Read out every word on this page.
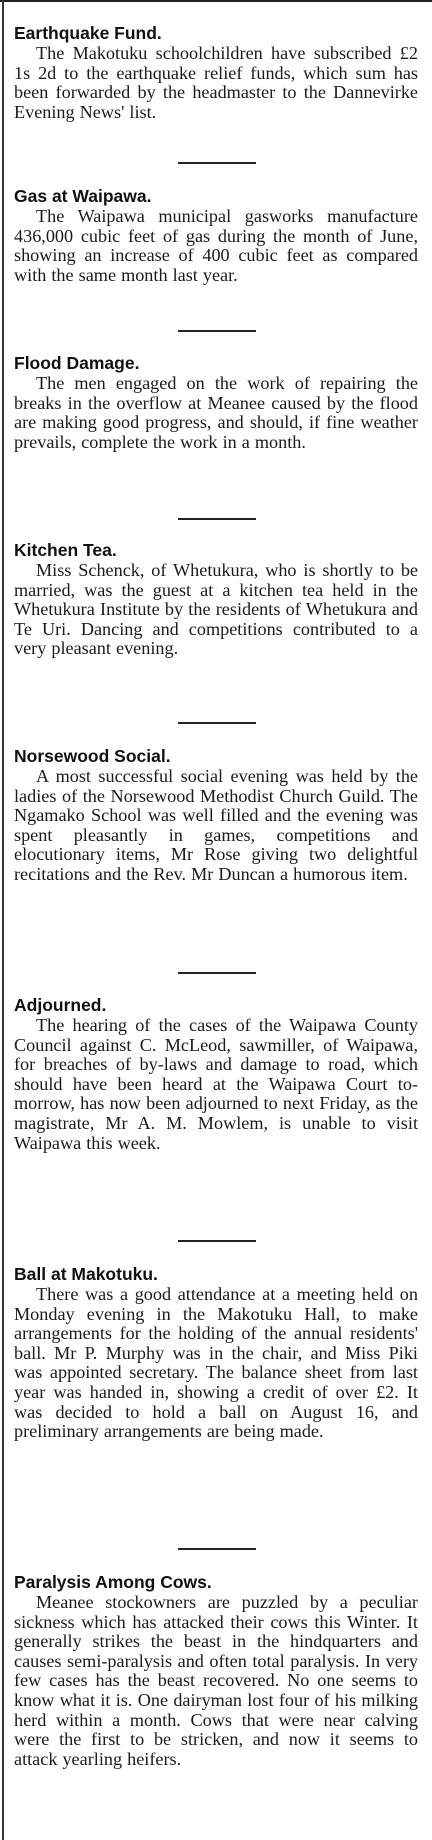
Earthquake Fund.

The Makotuku schoolchildren have subscribed £2 1s 2d to the earthquake relief funds, which sum has been forwarded by the headmaster to the Dannevirke Evening News' list.

Gas at Waipawa.

The Waipawa municipal gasworks manufacture 436,000 cubic feet of gas during the month of June, showing an increase of 400 cubic feet as compared with the same month last year.

Flood Damage.

The men engaged on the work of repairing the breaks in the overflow at Meanee caused by the flood are making good progress, and should, if fine weather prevails, complete the work in a month.

Kitchen Tea.

Miss Schenck, of Whetukura, who is shortly to be married, was the guest at a kitchen tea held in the Whetukura Institute by the residents of Whetukura and Te Uri. Dancing and competitions contributed to a very pleasant evening.

Norsewood Social.

A most successful social evening was held by the ladies of the Norsewood Methodist Church Guild. The Ngamako School was well filled and the evening was spent pleasantly in games, competitions and elocutionary items, Mr Rose giving two delightful recitations and the Rev. Mr Duncan a humorous item.

Adjourned.

The hearing of the cases of the Waipawa County Council against C. McLeod, sawmiller, of Waipawa, for breaches of by-laws and damage to road, which should have been heard at the Waipawa Court to-morrow, has now been adjourned to next Friday, as the magistrate, Mr A. M. Mowlem, is unable to visit Waipawa this week.

Ball at Makotuku.

There was a good attendance at a meeting held on Monday evening in the Makotuku Hall, to make arrangements for the holding of the annual residents' ball. Mr P. Murphy was in the chair, and Miss Piki was appointed secretary. The balance sheet from last year was handed in, showing a credit of over £2. It was decided to hold a ball on August 16, and preliminary arrangements are being made.

Paralysis Among Cows.

Meanee stockowners are puzzled by a peculiar sickness which has attacked their cows this Winter. It generally strikes the beast in the hindquarters and causes semi-paralysis and often total paralysis. In very few cases has the beast recovered. No one seems to know what it is. One dairyman lost four of his milking herd within a month. Cows that were near calving were the first to be stricken, and now it seems to attack yearling heifers.
